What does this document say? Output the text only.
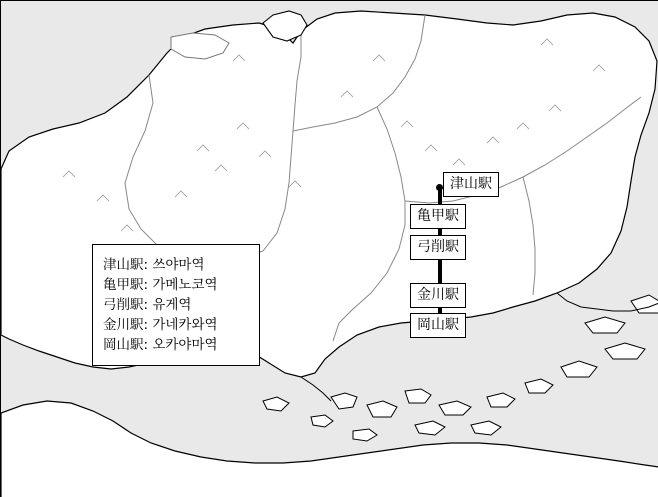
津山駅
亀甲駅
弓削駅
金川駅
岡山駅
津山駅: 쓰야마역
亀甲駅: 가메노코역
弓削駅: 유게역
金川駅: 가네카와역
岡山駅: 오카야마역
